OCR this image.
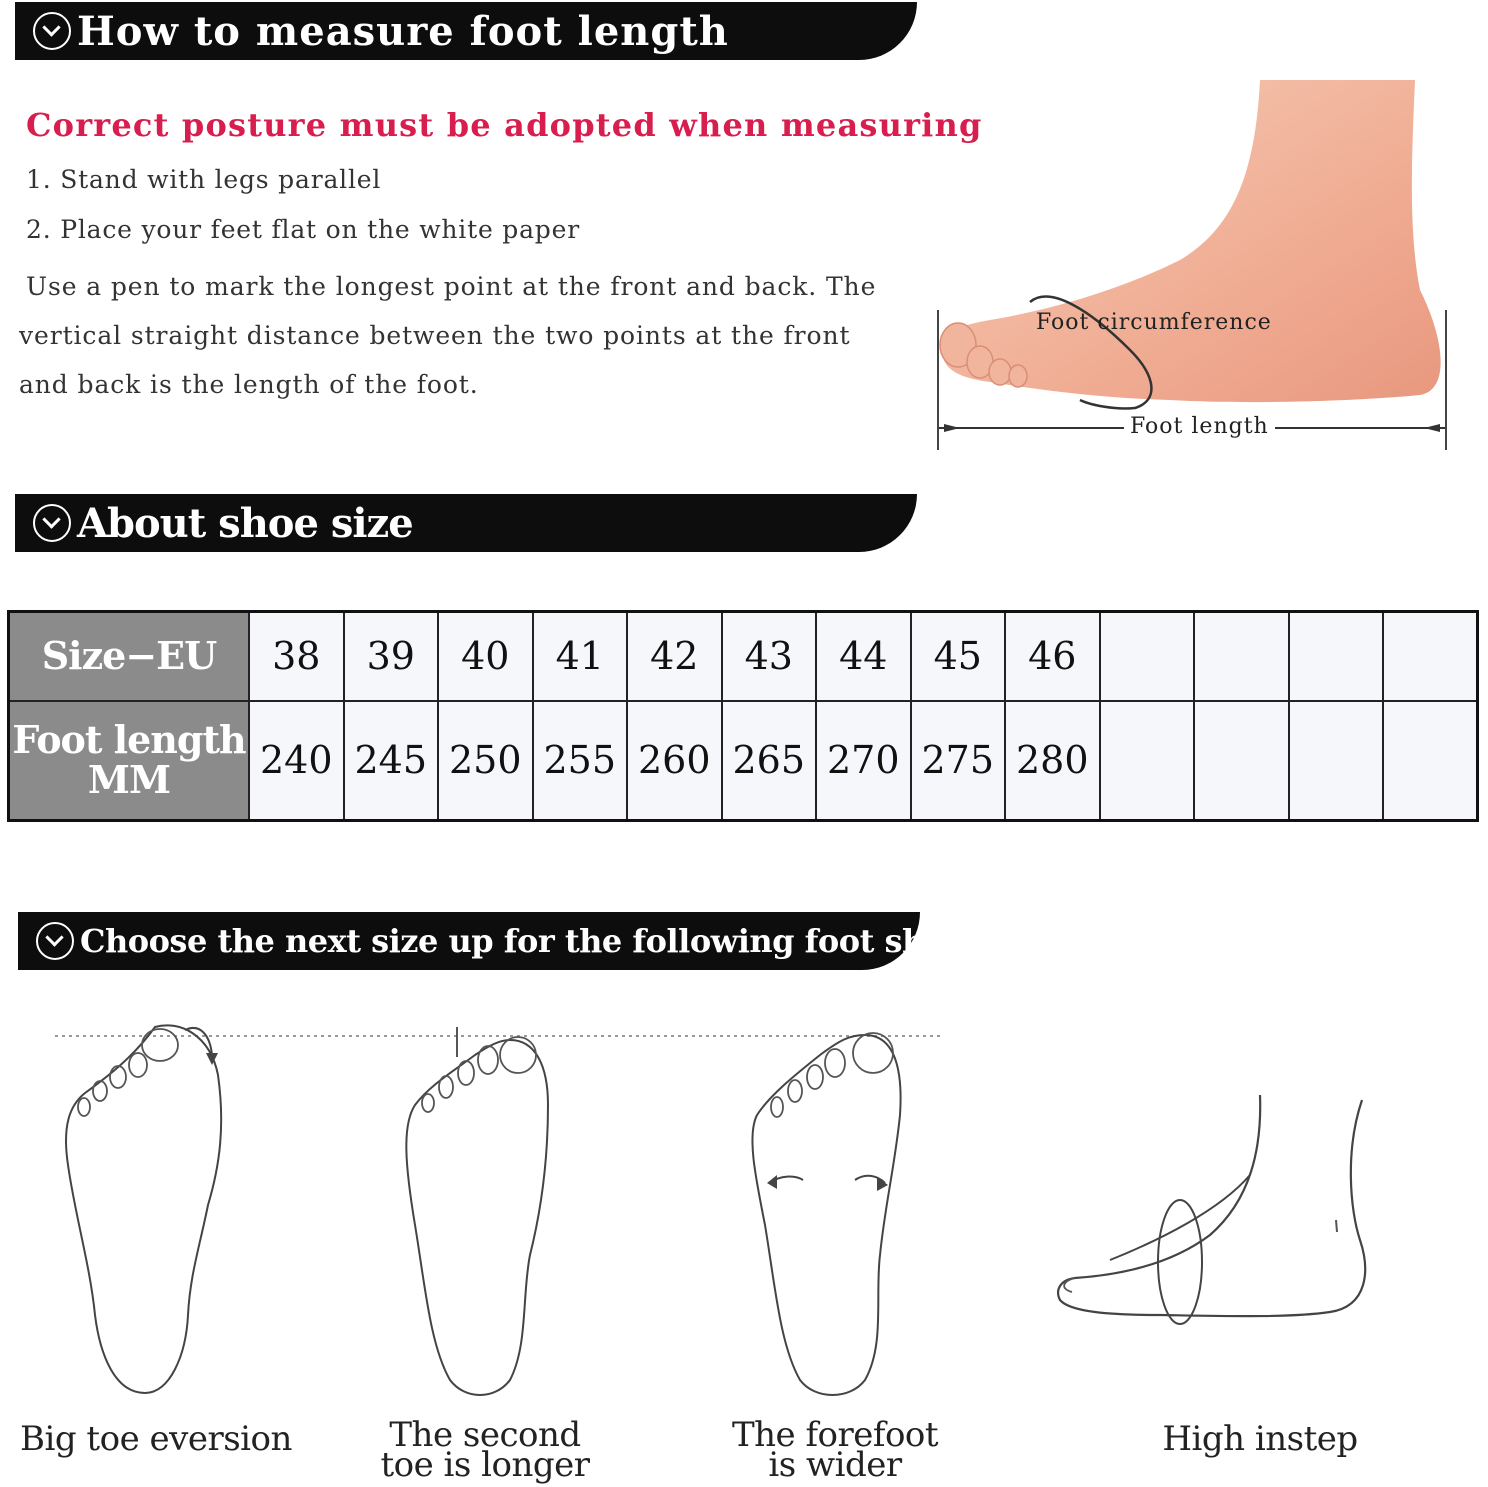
How to measure foot length
Correct posture must be adopted when measuring
1. Stand with legs parallel
2. Place your feet flat on the white paper
Use a pen to mark the longest point at the front and back. The vertical straight distance between the two points at the front and back is the length of the foot.
Foot circumference
Foot length
About shoe size
Size−EU	38	39	40	41	42	43	44	45	46				

Foot length
MM	240	245	250	255	260	265	270	275	280				
Choose the next size up for the following foot shapes
Big toe eversion	The second
toe is longer
The forefoot
is wider
High instep
